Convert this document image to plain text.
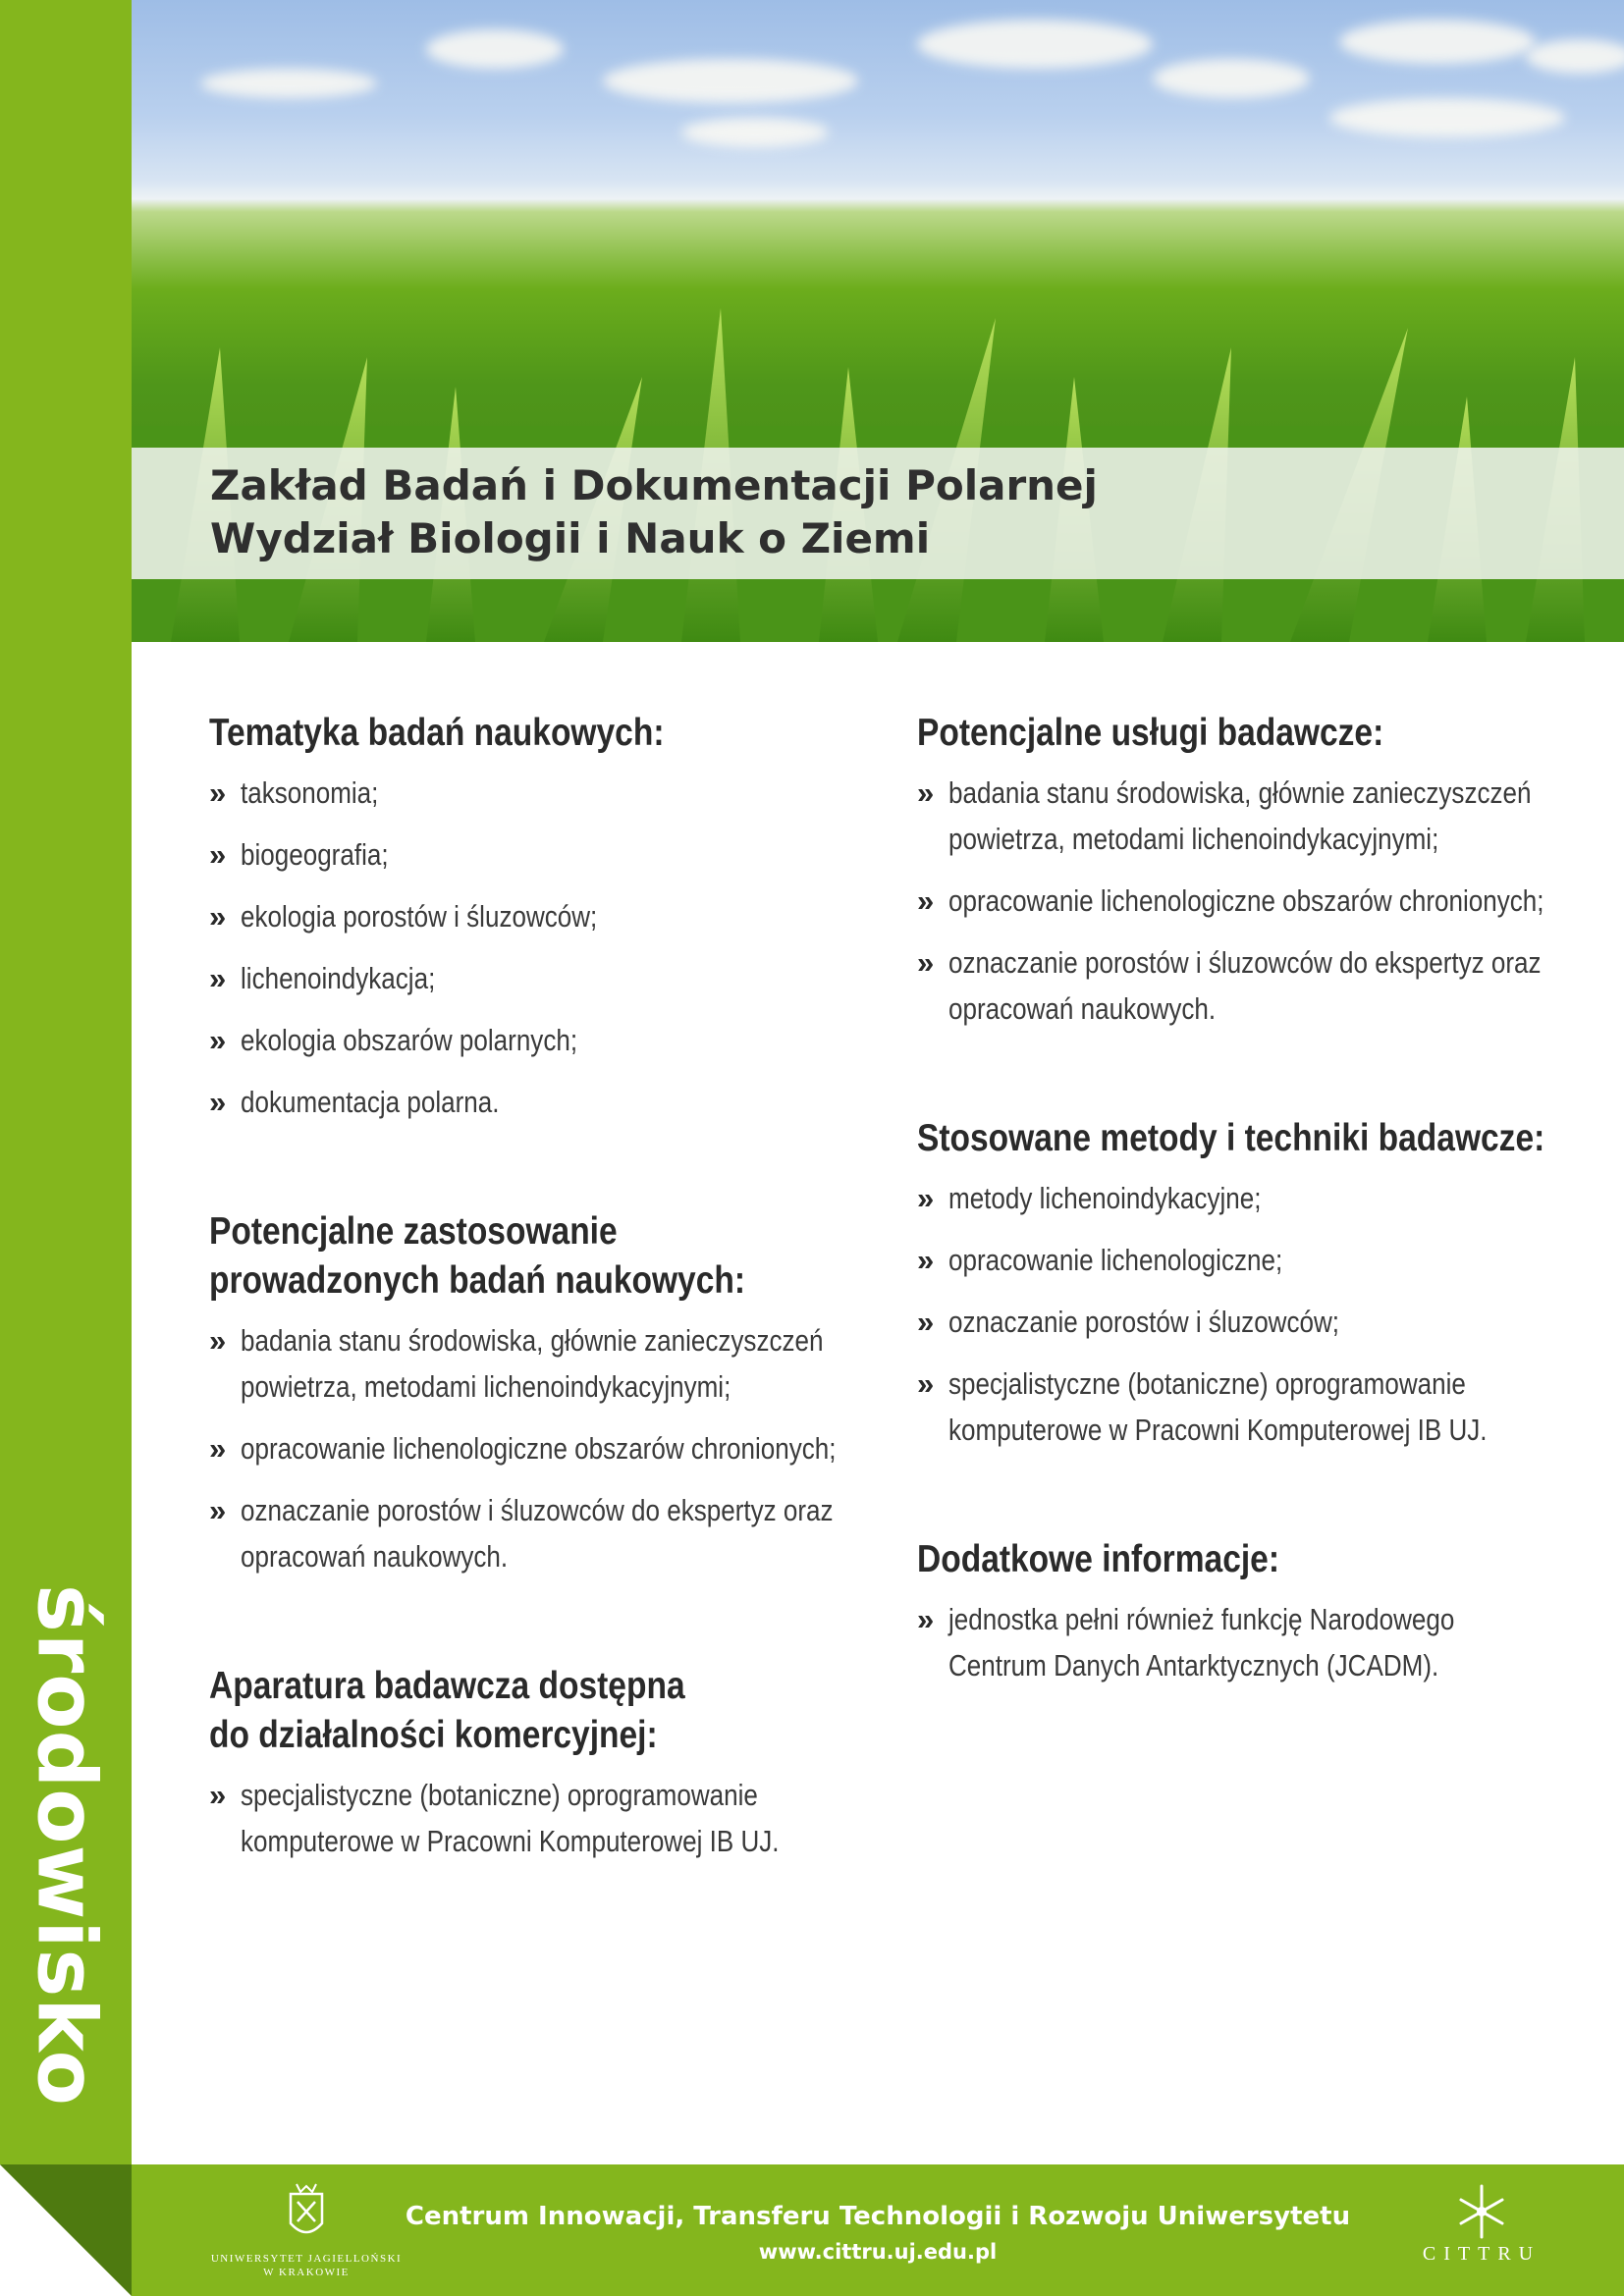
środowisko

Zakład Badań i Dokumentacji Polarnej

Wydział Biologii i Nauk o Ziemi

Tematyka badań naukowych:
» taksonomia;
» biogeografia;
» ekologia porostów i śluzowców;
» lichenoindykacja;
» ekologia obszarów polarnych;
» dokumentacja polarna.
Potencjalne zastosowanie
prowadzonych badań naukowych:
» badania stanu środowiska, głównie zanieczyszczeń powietrza, metodami lichenoindykacyjnymi;
» opracowanie lichenologiczne obszarów chronionych;
» oznaczanie porostów i śluzowców do ekspertyz oraz opracowań naukowych.
Aparatura badawcza dostępna
do działalności komercyjnej:
» specjalistyczne (botaniczne) oprogramowanie komputerowe w Pracowni Komputerowej IB UJ.
Potencjalne usługi badawcze:
» badania stanu środowiska, głównie zanieczyszczeń powietrza, metodami lichenoindykacyjnymi;
» opracowanie lichenologiczne obszarów chronionych;
» oznaczanie porostów i śluzowców do ekspertyz oraz opracowań naukowych.
Stosowane metody i techniki badawcze:
» metody lichenoindykacyjne;
» opracowanie lichenologiczne;
» oznaczanie porostów i śluzowców;
» specjalistyczne (botaniczne) oprogramowanie komputerowe w Pracowni Komputerowej IB UJ.
Dodatkowe informacje:
» jednostka pełni również funkcję Narodowego Centrum Danych Antarktycznych (JCADM).
UNIWERSYTET JAGIELLOŃSKI
W KRAKOWIE

Centrum Innowacji, Transferu Technologii i Rozwoju Uniwersytetu

www.cittru.uj.edu.pl	CITTRU
